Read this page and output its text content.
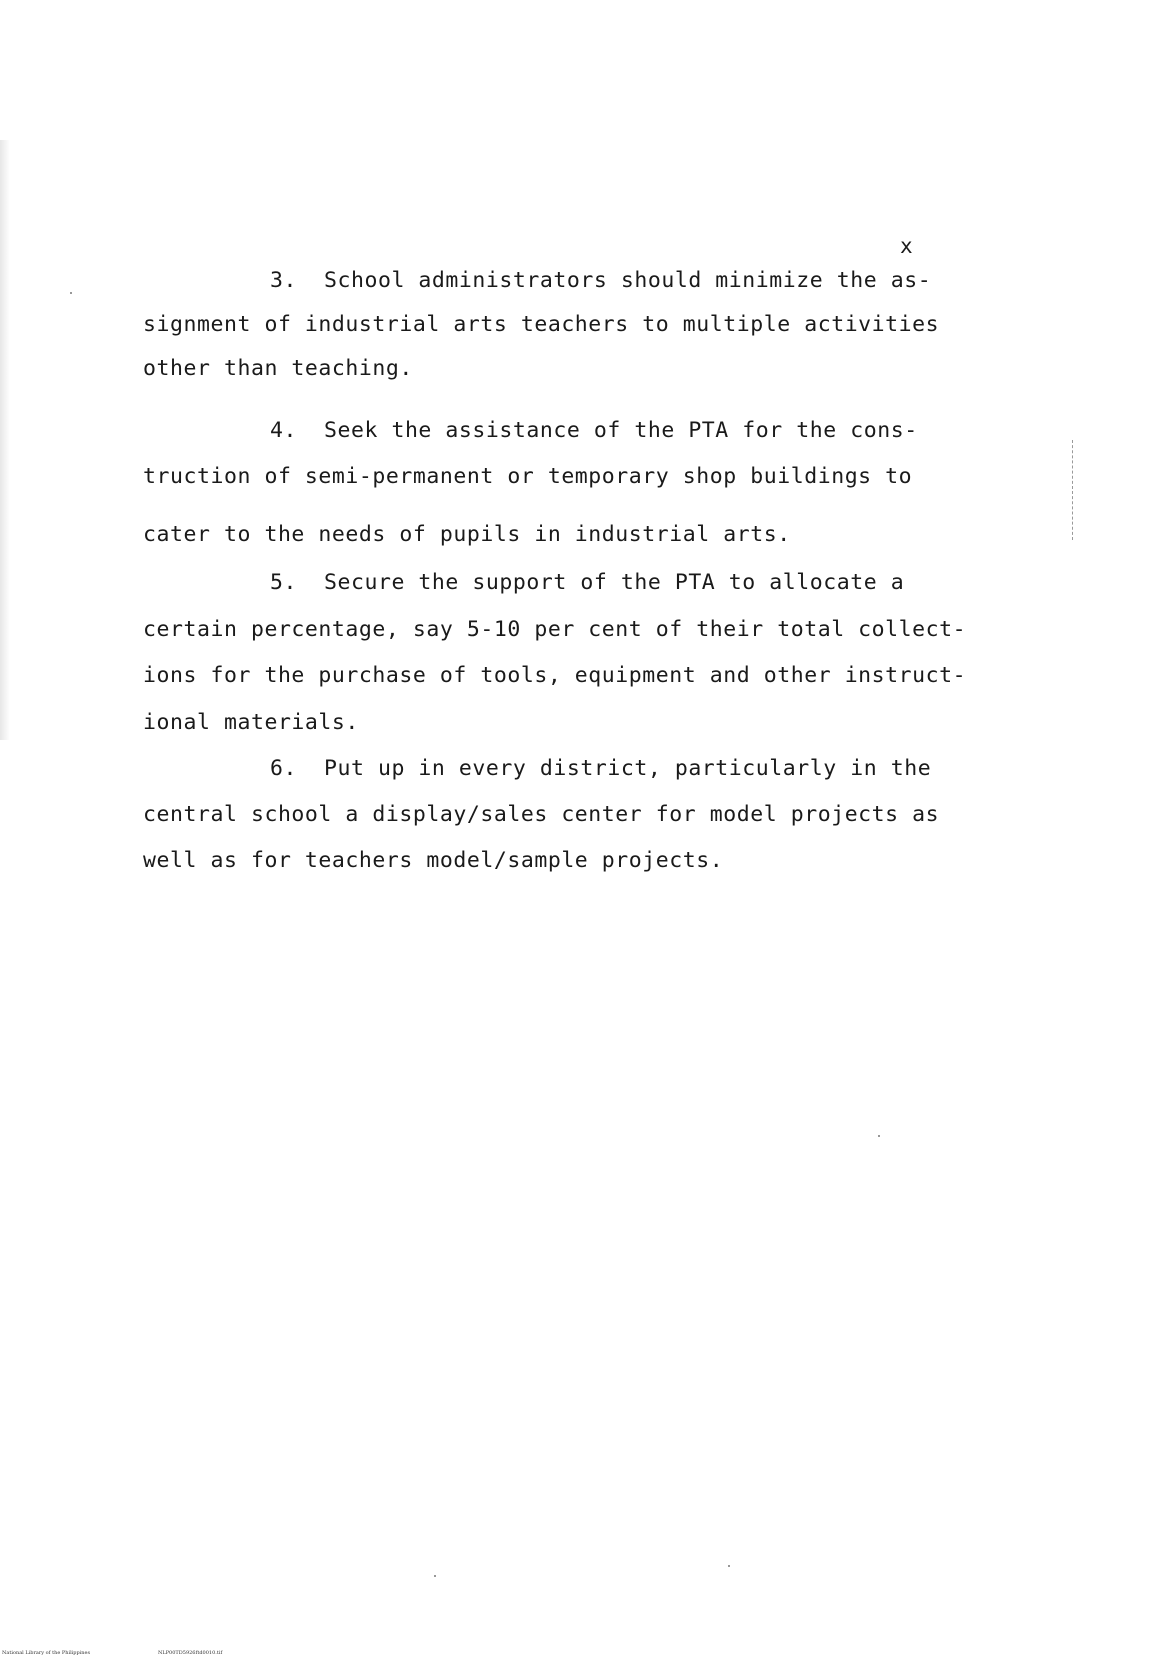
x
3.  School administrators should minimize the as-
signment of industrial arts teachers to multiple activities
other than teaching.
4.  Seek the assistance of the PTA for the cons-
truction of semi-permanent or temporary shop buildings to
cater to the needs of pupils in industrial arts.
5.  Secure the support of the PTA to allocate a
certain percentage, say 5-10 per cent of their total collect-
ions for the purchase of tools, equipment and other instruct-
ional materials.
6.  Put up in every district, particularly in the
central school a display/sales center for model projects as
well as for teachers model/sample projects.
National Library of the Philippines	NLP00TD5926ftd0010.tif
